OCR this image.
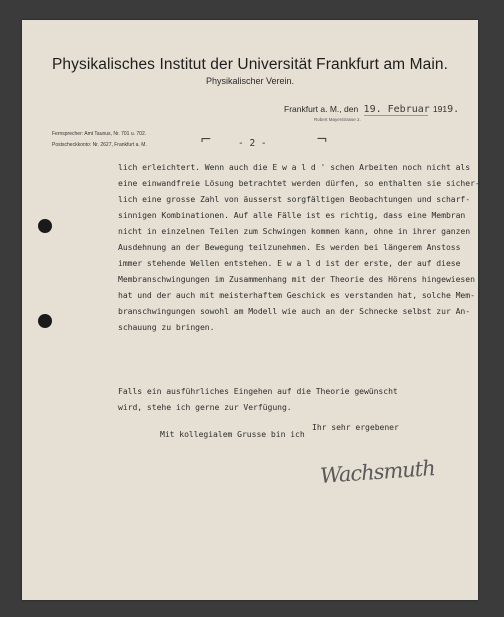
Physikalisches Institut der Universität Frankfurt am Main.
Physikalischer Verein.
Frankfurt a. M., den 19. Februar 1919.
Robert Mayerstrasse 2.
Fernsprecher: Amt Taunus, Nr. 701 u. 702.
Postscheckkonto: Nr. 2627, Frankfurt a. M.	⌐	- 2 -	¬
lich erleichtert. Wenn auch die E w a l d ' schen Arbeiten noch nicht als
eine einwandfreie Lösung betrachtet werden dürfen, so enthalten sie sicher-
lich eine grosse Zahl von äusserst sorgfältigen Beobachtungen und scharf-
sinnigen Kombinationen. Auf alle Fälle ist es richtig, dass eine Membran
nicht in einzelnen Teilen zum Schwingen kommen kann, ohne in ihrer ganzen
Ausdehnung an der Bewegung teilzunehmen. Es werden bei längerem Anstoss
immer stehende Wellen entstehen. E w a l d ist der erste, der auf diese
Membranschwingungen im Zusammenhang mit der Theorie des Hörens hingewiesen
hat und der auch mit meisterhaftem Geschick es verstanden hat, solche Mem-
branschwingungen sowohl am Modell wie auch an der Schnecke selbst zur An-
schauung zu bringen.
Falls ein ausführliches Eingehen auf die Theorie gewünscht
wird, stehe ich gerne zur Verfügung.
Mit kollegialem Grusse bin ich
Ihr sehr ergebener
Wachsmuth
